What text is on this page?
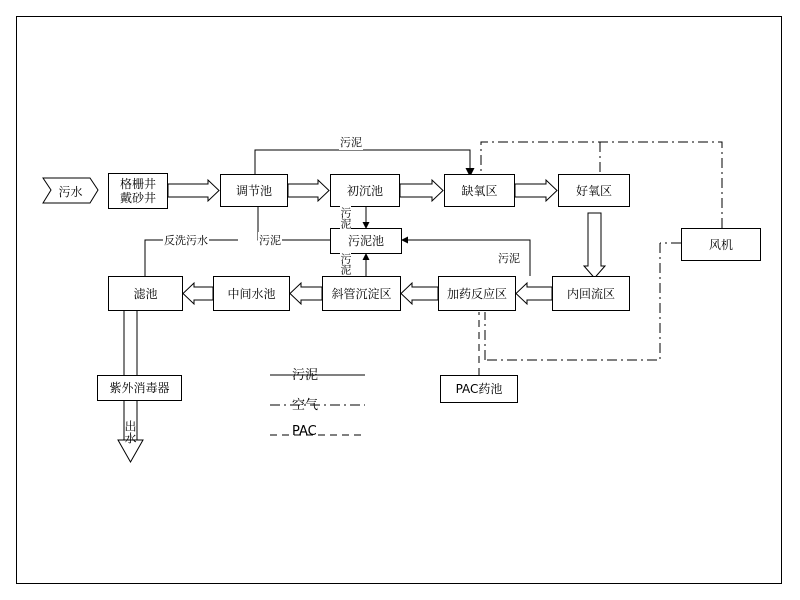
格栅井
戴砂井
调节池	初沉池	缺氧区	好氧区
风机
污泥池
滤池	中间水池	斜管沉淀区	加药反应区	内回流区
紫外消毒器	PAC药池
污水
出水
污泥
反洗污水	污泥
污泥
污泥
污泥
污泥
空气
PAC
